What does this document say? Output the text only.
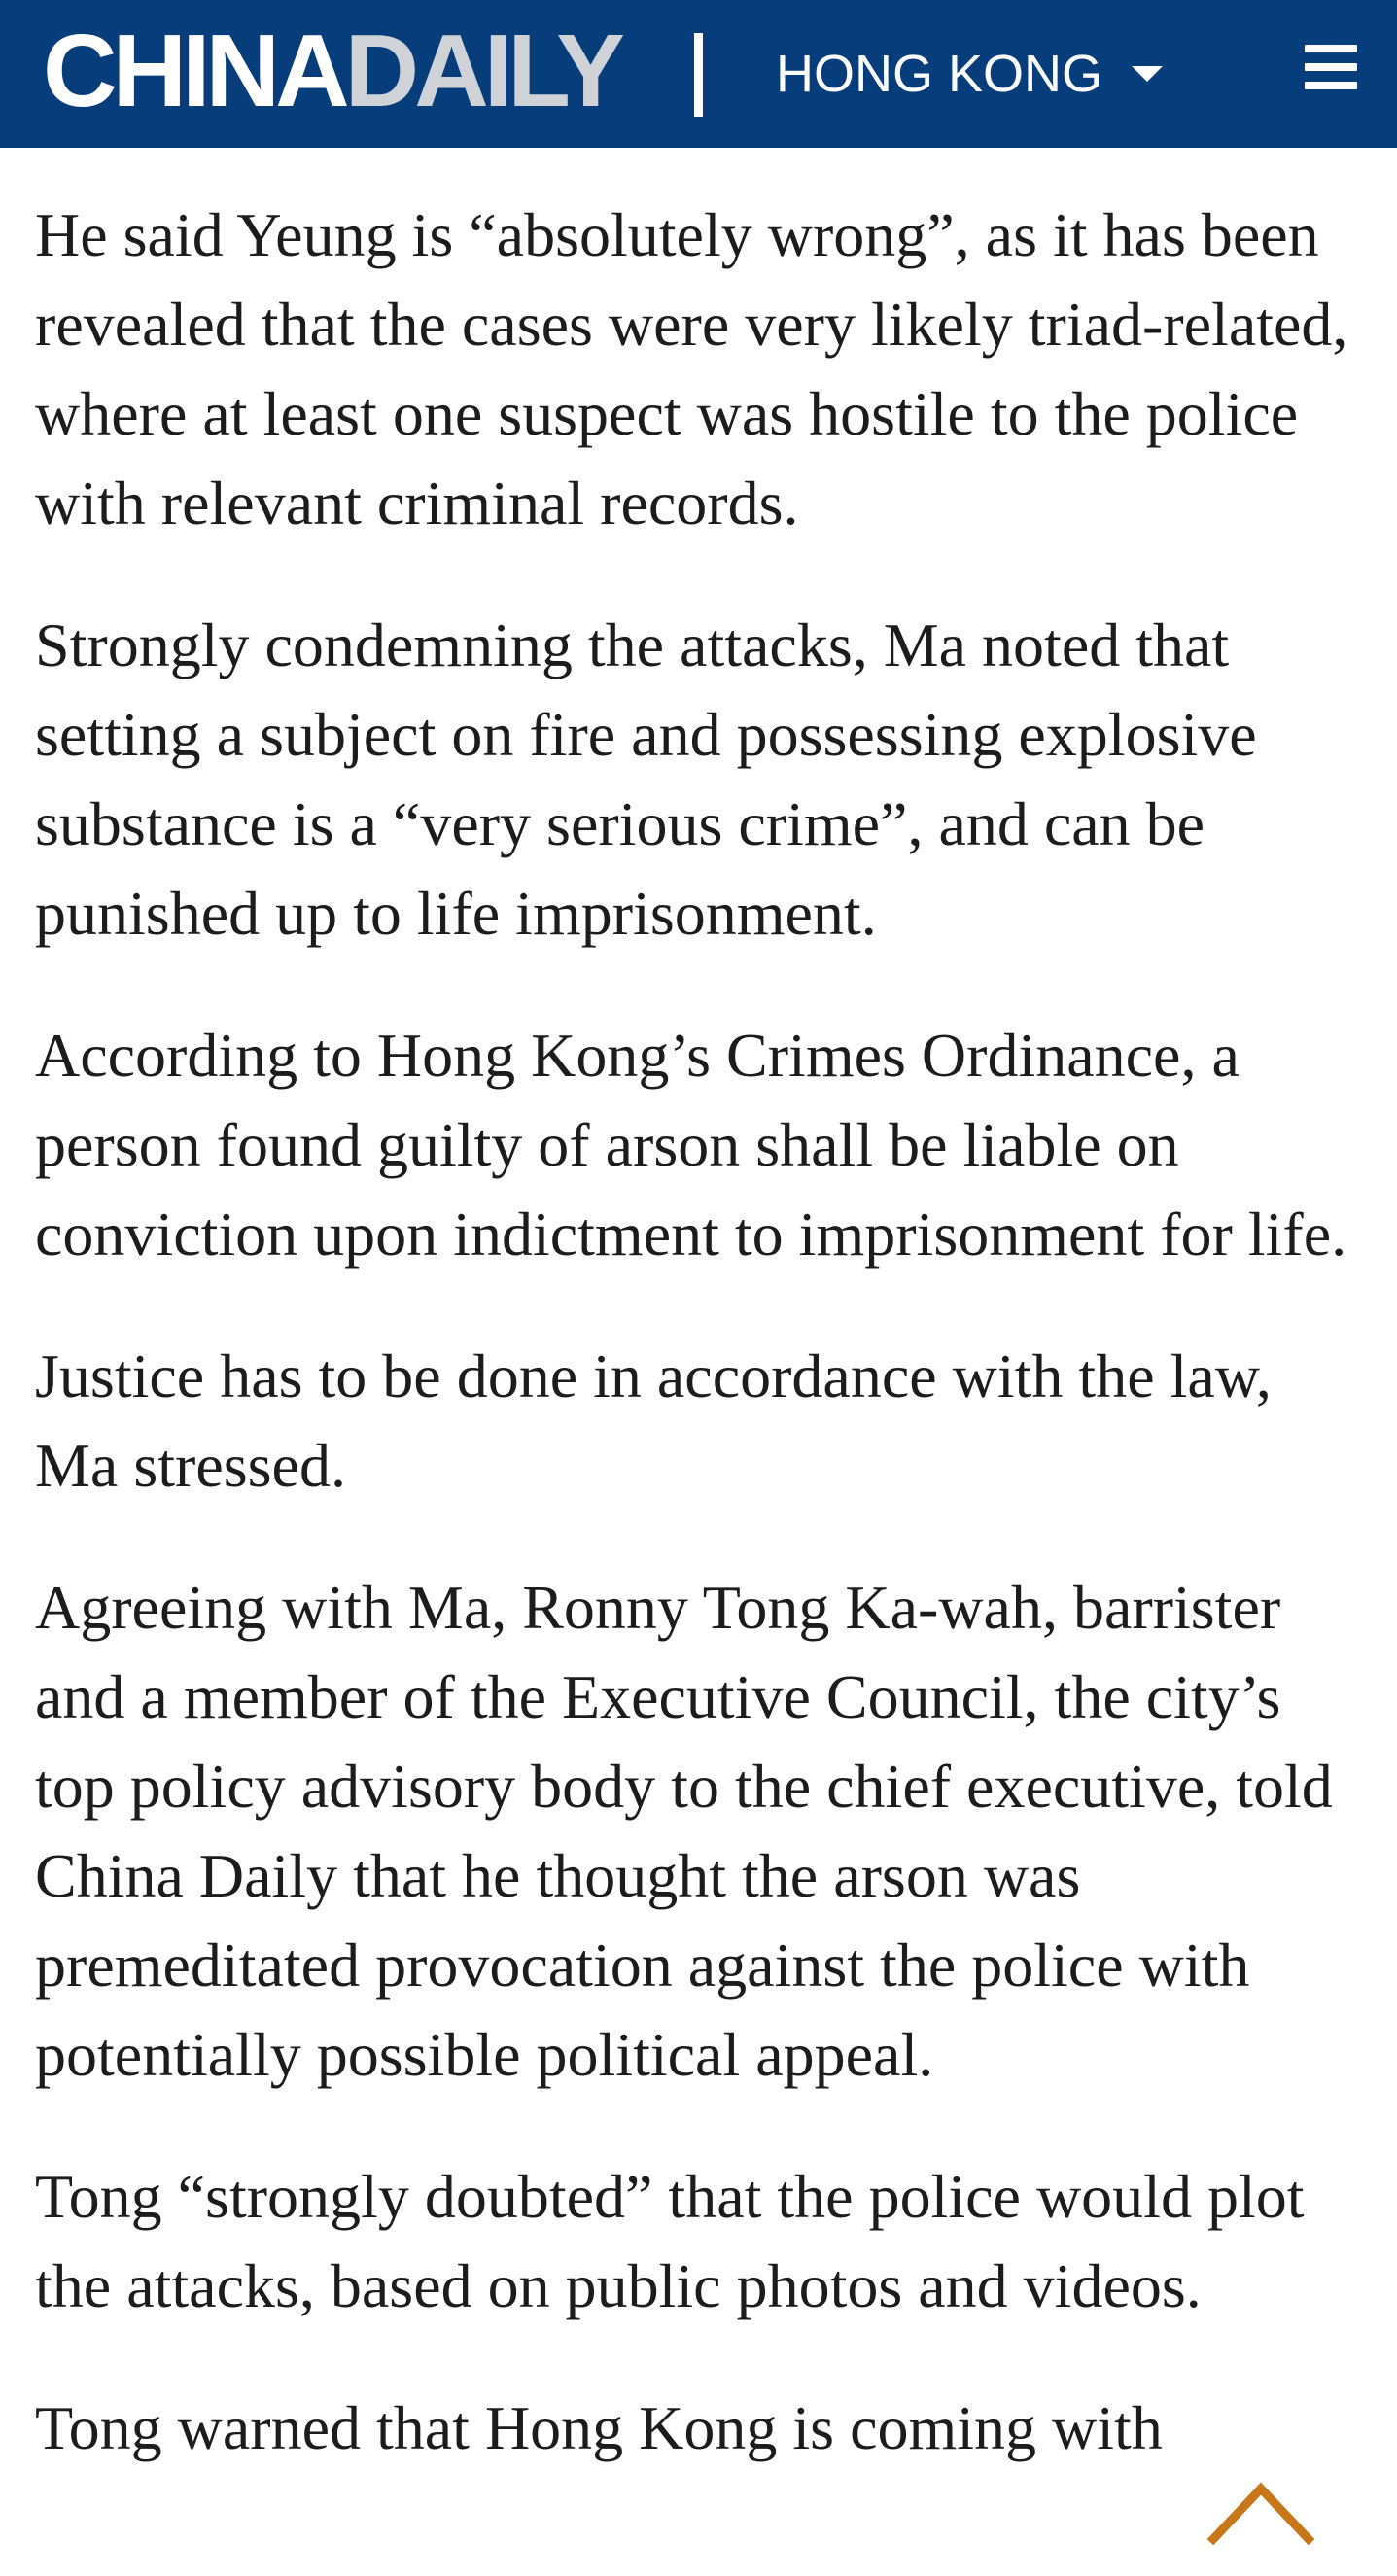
CHINA DAILY	HONG KONG

He said Yeung is “absolutely wrong”, as it has been revealed that the cases were very likely triad-related, where at least one suspect was hostile to the police with relevant criminal records.

Strongly condemning the attacks, Ma noted that setting a subject on fire and possessing explosive substance is a “very serious crime”, and can be punished up to life imprisonment.

According to Hong Kong’s Crimes Ordinance, a person found guilty of arson shall be liable on conviction upon indictment to imprisonment for life.

Justice has to be done in accordance with the law, Ma stressed.

Agreeing with Ma, Ronny Tong Ka-wah, barrister and a member of the Executive Council, the city’s top policy advisory body to the chief executive, told China Daily that he thought the arson was premeditated provocation against the police with potentially possible political appeal.

Tong “strongly doubted” that the police would plot the attacks, based on public photos and videos.

Tong warned that Hong Kong is coming with
